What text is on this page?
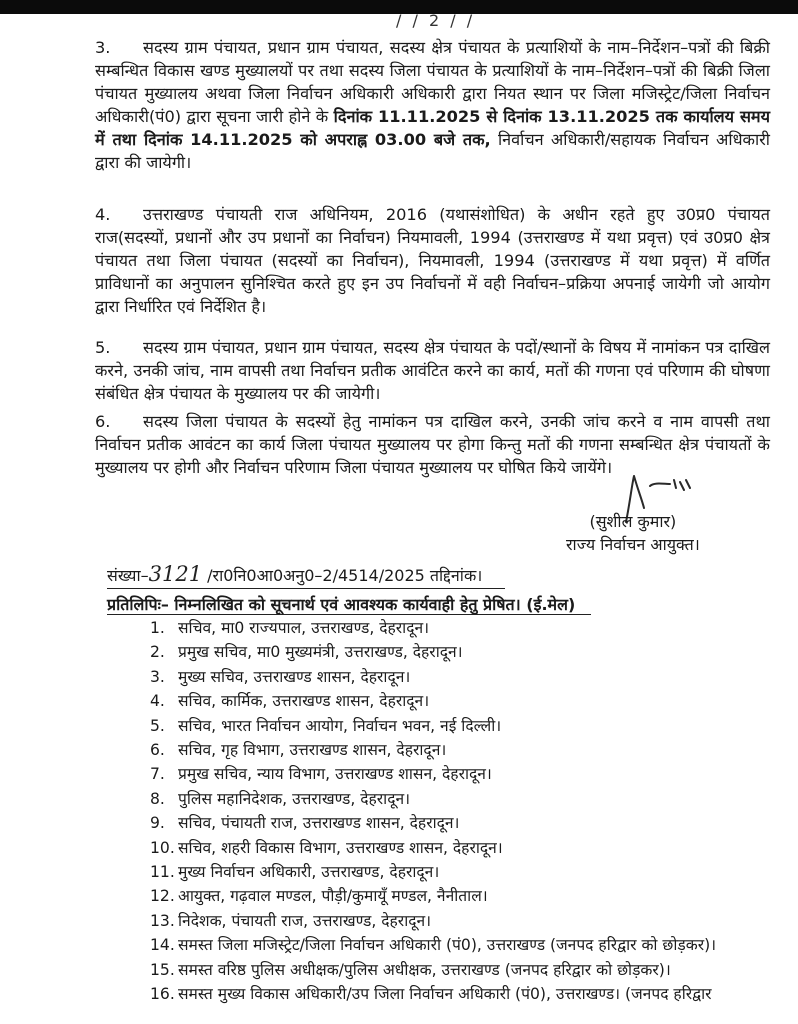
/ / 2 / /

3. सदस्य ग्राम पंचायत, प्रधान ग्राम पंचायत, सदस्य क्षेत्र पंचायत के प्रत्याशियों के नाम–निर्देशन–पत्रों की बिक्री सम्बन्धित विकास खण्ड मुख्यालयों पर तथा सदस्य जिला पंचायत के प्रत्याशियों के नाम–निर्देशन–पत्रों की बिक्री जिला पंचायत मुख्यालय अथवा जिला निर्वाचन अधिकारी अधिकारी द्वारा नियत स्थान पर जिला मजिस्ट्रेट/जिला निर्वाचन अधिकारी(पं0) द्वारा सूचना जारी होने के दिनांक 11.11.2025 से दिनांक 13.11.2025 तक कार्यालय समय में तथा दिनांक 14.11.2025 को अपराह्न 03.00 बजे तक, निर्वाचन अधिकारी/सहायक निर्वाचन अधिकारी द्वारा की जायेगी।

4. उत्तराखण्ड पंचायती राज अधिनियम, 2016 (यथासंशोधित) के अधीन रहते हुए उ0प्र0 पंचायत राज(सदस्यों, प्रधानों और उप प्रधानों का निर्वाचन) नियमावली, 1994 (उत्तराखण्ड में यथा प्रवृत्त) एवं उ0प्र0 क्षेत्र पंचायत तथा जिला पंचायत (सदस्यों का निर्वाचन), नियमावली, 1994 (उत्तराखण्ड में यथा प्रवृत्त) में वर्णित प्राविधानों का अनुपालन सुनिश्चित करते हुए इन उप निर्वाचनों में वही निर्वाचन–प्रक्रिया अपनाई जायेगी जो आयोग द्वारा निर्धारित एवं निर्देशित है।

5. सदस्य ग्राम पंचायत, प्रधान ग्राम पंचायत, सदस्य क्षेत्र पंचायत के पदों/स्थानों के विषय में नामांकन पत्र दाखिल करने, उनकी जांच, नाम वापसी तथा निर्वाचन प्रतीक आवंटित करने का कार्य, मतों की गणना एवं परिणाम की घोषणा संबंधित क्षेत्र पंचायत के मुख्यालय पर की जायेगी।

6. सदस्य जिला पंचायत के सदस्यों हेतु नामांकन पत्र दाखिल करने, उनकी जांच करने व नाम वापसी तथा निर्वाचन प्रतीक आवंटन का कार्य जिला पंचायत मुख्यालय पर होगा किन्तु मतों की गणना सम्बन्धित क्षेत्र पंचायतों के मुख्यालय पर होगी और निर्वाचन परिणाम जिला पंचायत मुख्यालय पर घोषित किये जायेंगे।

(सुशील कुमार)
राज्य निर्वाचन आयुक्त।
संख्या–3121 /रा0नि0आ0अनु0–2/4514/2025 तद्दिनांक।
प्रतिलिपिः– निम्नलिखित को सूचनार्थ एवं आवश्यक कार्यवाही हेतु प्रेषित। (ई.मेल)
1. सचिव, मा0 राज्यपाल, उत्तराखण्ड, देहरादून।
2. प्रमुख सचिव, मा0 मुख्यमंत्री, उत्तराखण्ड, देहरादून।
3. मुख्य सचिव, उत्तराखण्ड शासन, देहरादून।
4. सचिव, कार्मिक, उत्तराखण्ड शासन, देहरादून।
5. सचिव, भारत निर्वाचन आयोग, निर्वाचन भवन, नई दिल्ली।
6. सचिव, गृह विभाग, उत्तराखण्ड शासन, देहरादून।
7. प्रमुख सचिव, न्याय विभाग, उत्तराखण्ड शासन, देहरादून।
8. पुलिस महानिदेशक, उत्तराखण्ड, देहरादून।
9. सचिव, पंचायती राज, उत्तराखण्ड शासन, देहरादून।
10. सचिव, शहरी विकास विभाग, उत्तराखण्ड शासन, देहरादून।
11. मुख्य निर्वाचन अधिकारी, उत्तराखण्ड, देहरादून।
12. आयुक्त, गढ़वाल मण्डल, पौड़ी/कुमायूँ मण्डल, नैनीताल।
13. निदेशक, पंचायती राज, उत्तराखण्ड, देहरादून।
14. समस्त जिला मजिस्ट्रेट/जिला निर्वाचन अधिकारी (पं0), उत्तराखण्ड (जनपद हरिद्वार को छोड़कर)।
15. समस्त वरिष्ठ पुलिस अधीक्षक/पुलिस अधीक्षक, उत्तराखण्ड (जनपद हरिद्वार को छोड़कर)।
16. समस्त मुख्य विकास अधिकारी/उप जिला निर्वाचन अधिकारी (पं0), उत्तराखण्ड। (जनपद हरिद्वार
